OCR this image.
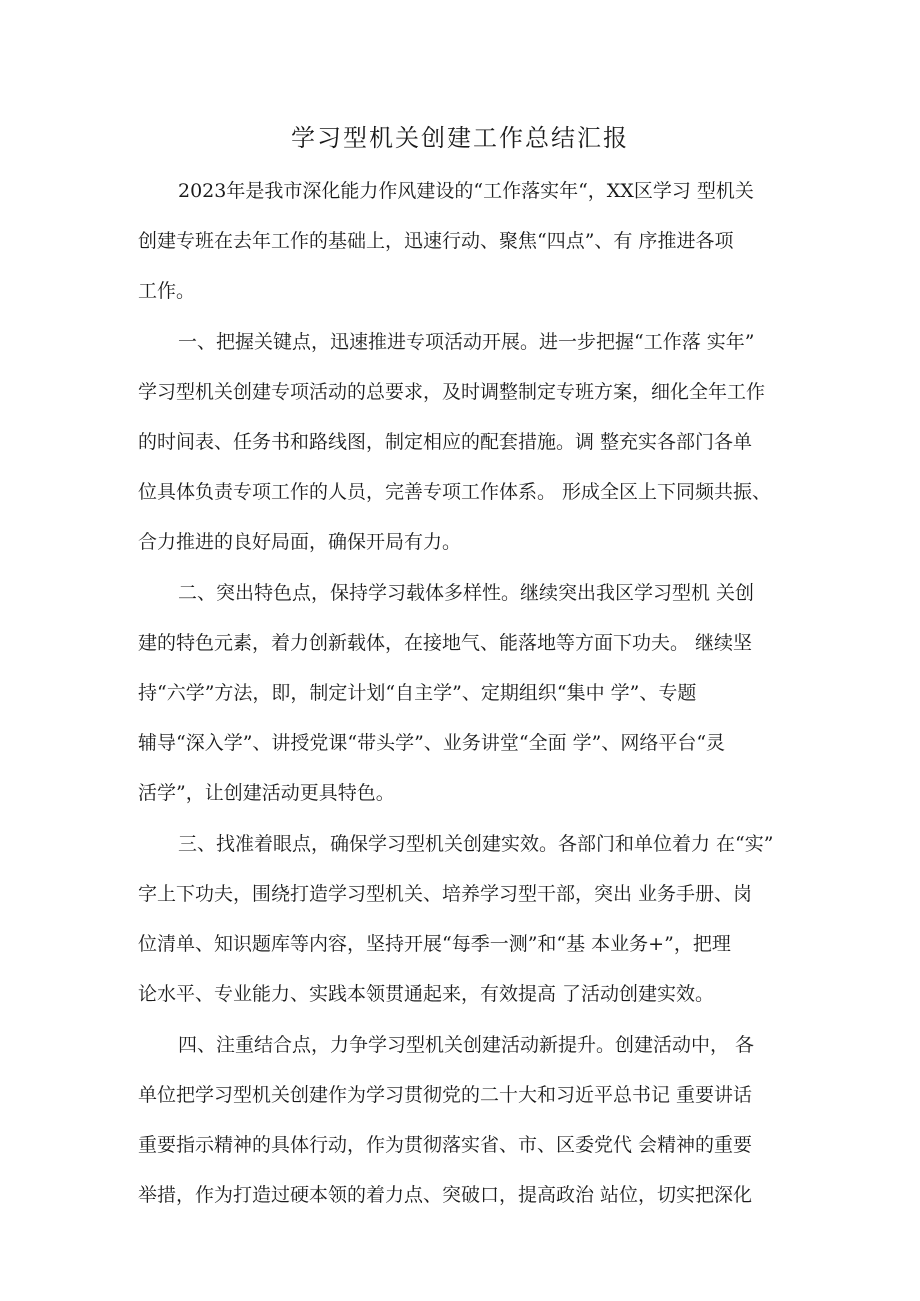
学习型机关创建工作总结汇报

2023年是我市深化能力作风建设的“工作落实年“，XX区学习 型机关

创建专班在去年工作的基础上，迅速行动、聚焦“四点”、有 序推进各项

工作。

一、把握关键点，迅速推进专项活动开展。进一步把握“工作落 实年”

学习型机关创建专项活动的总要求，及时调整制定专班方案，细化全年工作

的时间表、任务书和路线图，制定相应的配套措施。调 整充实各部门各单

位具体负责专项工作的人员，完善专项工作体系。 形成全区上下同频共振、

合力推进的良好局面，确保开局有力。

二、突出特色点，保持学习载体多样性。继续突出我区学习型机 关创

建的特色元素，着力创新载体，在接地气、能落地等方面下功夫。 继续坚

持“六学”方法，即，制定计划“自主学”、定期组织“集中 学”、专题

辅导“深入学”、讲授党课“带头学”、业务讲堂“全面 学”、网络平台“灵

活学”，让创建活动更具特色。

三、找准着眼点，确保学习型机关创建实效。各部门和单位着力 在“实”

字上下功夫，围绕打造学习型机关、培养学习型干部，突出 业务手册、岗

位清单、知识题库等内容，坚持开展“每季一测”和“基 本业务+”，把理

论水平、专业能力、实践本领贯通起来，有效提高 了活动创建实效。

四、注重结合点，力争学习型机关创建活动新提升。创建活动中， 各

单位把学习型机关创建作为学习贯彻党的二十大和习近平总书记 重要讲话

重要指示精神的具体行动，作为贯彻落实省、市、区委党代 会精神的重要

举措，作为打造过硬本领的着力点、突破口，提高政治 站位，切实把深化
